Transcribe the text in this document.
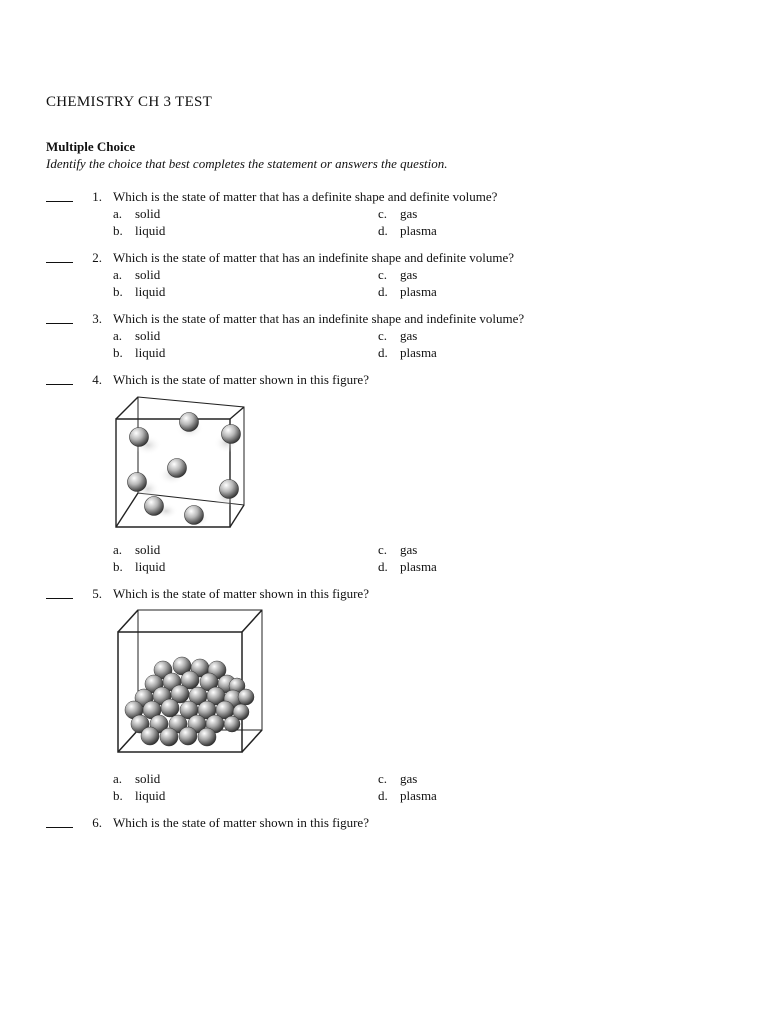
CHEMISTRY CH 3 TEST
Multiple Choice
Identify the choice that best completes the statement or answers the question.
1. Which is the state of matter that has a definite shape and definite volume?
a. solid
b. liquid
c. gas
d. plasma
2. Which is the state of matter that has an indefinite shape and definite volume?
a. solid
b. liquid
c. gas
d. plasma
3. Which is the state of matter that has an indefinite shape and indefinite volume?
a. solid
b. liquid
c. gas
d. plasma
4. Which is the state of matter shown in this figure?
a. solid
b. liquid
c. gas
d. plasma
5. Which is the state of matter shown in this figure?
a. solid
b. liquid
c. gas
d. plasma
6. Which is the state of matter shown in this figure?
